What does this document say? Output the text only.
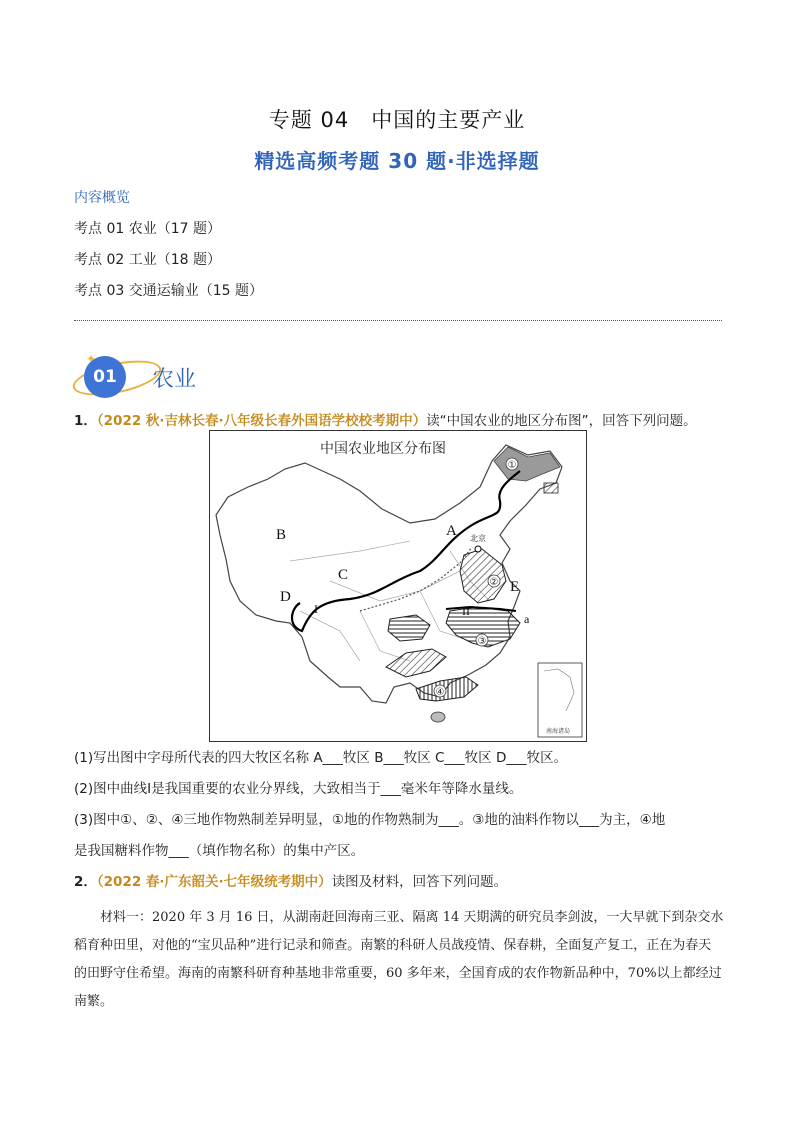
专题 04　中国的主要产业
精选高频考题 30 题·非选择题
内容概览
考点 01 农业（17 题）
考点 02 工业（18 题）
考点 03 交通运输业（15 题）
01
✦
农业
1．（2022 秋·吉林长春·八年级长春外国语学校校考期中）读“中国农业的地区分布图”，回答下列问题。
中国农业地区分布图
①
②
③
④
北京
B	A
C
D
E
a
I	II
南海诸岛
(1)写出图中字母所代表的四大牧区名称 A___牧区 B___牧区 C___牧区 D___牧区。
(2)图中曲线Ⅰ是我国重要的农业分界线，大致相当于___毫米年等降水量线。
(3)图中①、②、④三地作物熟制差异明显，①地的作物熟制为___。③地的油料作物以___为主，④地
是我国糖料作物___（填作物名称）的集中产区。
2．（2022 春·广东韶关·七年级统考期中）读图及材料，回答下列问题。
材料一：2020 年 3 月 16 日，从湖南赶回海南三亚、隔离 14 天期满的研究员李剑波，一大早就下到杂交水稻育种田里，对他的“宝贝品种”进行记录和筛查。南繁的科研人员战疫情、保春耕，全面复产复工，正在为春天的田野守住希望。海南的南繁科研育种基地非常重要，60 多年来，全国育成的农作物新品种中，70%以上都经过南繁。
